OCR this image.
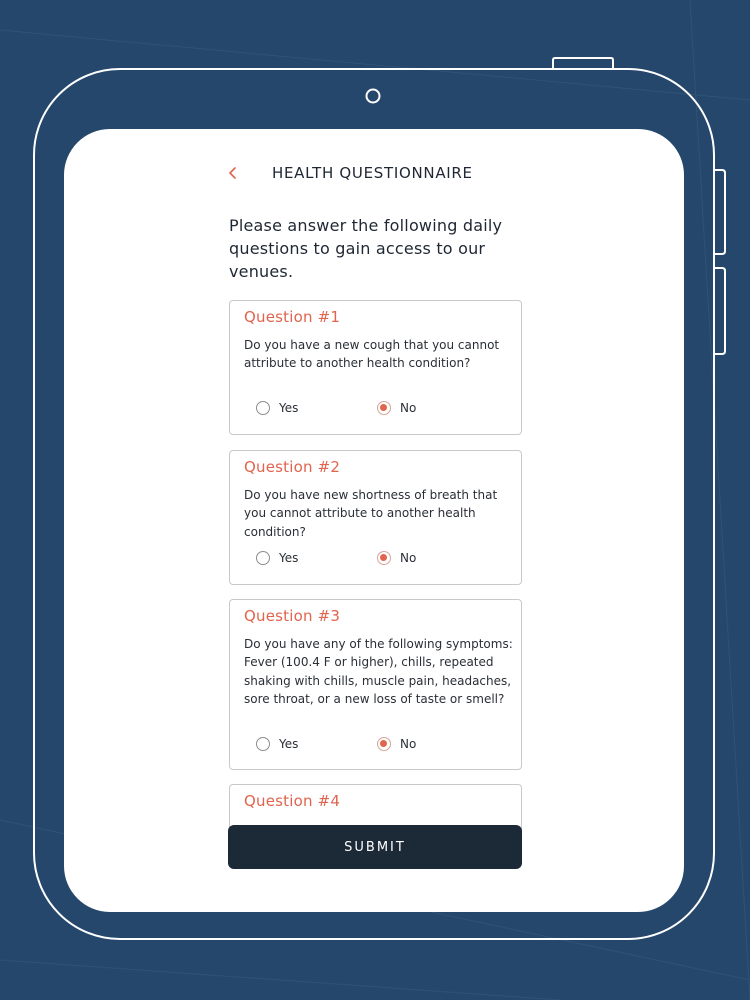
HEALTH QUESTIONNAIRE
Please answer the following daily questions to gain access to our venues.
Question #1
Do you have a new cough that you cannot attribute to another health condition?
Yes	No
Question #2
Do you have new shortness of breath that you cannot attribute to another health condition?
Yes	No
Question #3
Do you have any of the following symptoms: Fever (100.4 F or higher), chills, repeated shaking with chills, muscle pain, headaches, sore throat, or a new loss of taste or smell?
Yes	No
Question #4
SUBMIT
